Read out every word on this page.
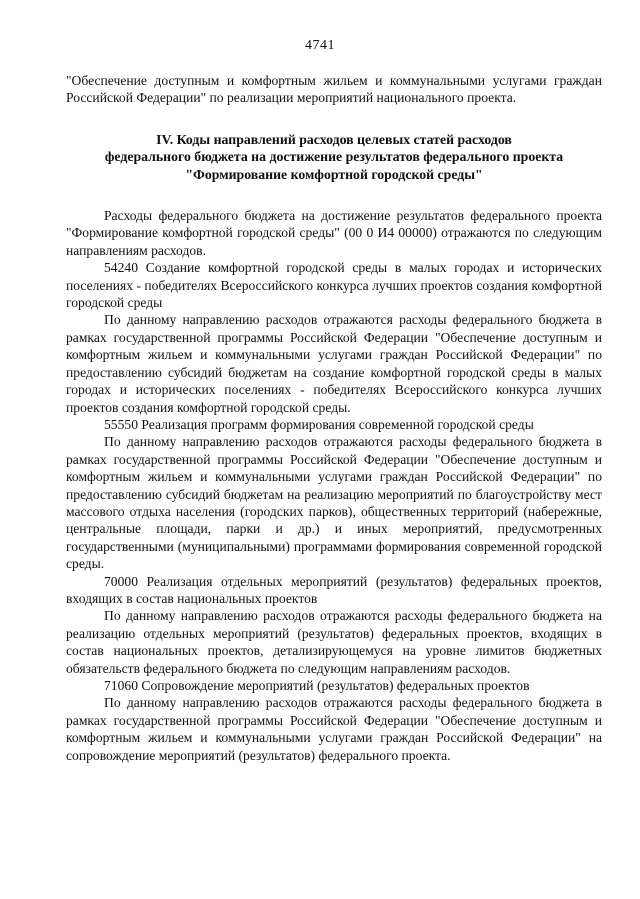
4741

"Обеспечение доступным и комфортным жильем и коммунальными услугами граждан Российской Федерации" по реализации мероприятий национального проекта.

IV. Коды направлений расходов целевых статей расходов
федерального бюджета на достижение результатов федерального проекта
"Формирование комфортной городской среды"

Расходы федерального бюджета на достижение результатов федерального проекта "Формирование комфортной городской среды" (00 0 И4 00000) отражаются по следующим направлениям расходов.

54240 Создание комфортной городской среды в малых городах и исторических поселениях - победителях Всероссийского конкурса лучших проектов создания комфортной городской среды

По данному направлению расходов отражаются расходы федерального бюджета в рамках государственной программы Российской Федерации "Обеспечение доступным и комфортным жильем и коммунальными услугами граждан Российской Федерации" по предоставлению субсидий бюджетам на создание комфортной городской среды в малых городах и исторических поселениях - победителях Всероссийского конкурса лучших проектов создания комфортной городской среды.

55550 Реализация программ формирования современной городской среды

По данному направлению расходов отражаются расходы федерального бюджета в рамках государственной программы Российской Федерации "Обеспечение доступным и комфортным жильем и коммунальными услугами граждан Российской Федерации" по предоставлению субсидий бюджетам на реализацию мероприятий по благоустройству мест массового отдыха населения (городских парков), общественных территорий (набережные, центральные площади, парки и др.) и иных мероприятий, предусмотренных государственными (муниципальными) программами формирования современной городской среды.

70000 Реализация отдельных мероприятий (результатов) федеральных проектов, входящих в состав национальных проектов

По данному направлению расходов отражаются расходы федерального бюджета на реализацию отдельных мероприятий (результатов) федеральных проектов, входящих в состав национальных проектов, детализирующемуся на уровне лимитов бюджетных обязательств федерального бюджета по следующим направлениям расходов.

71060 Сопровождение мероприятий (результатов) федеральных проектов

По данному направлению расходов отражаются расходы федерального бюджета в рамках государственной программы Российской Федерации "Обеспечение доступным и комфортным жильем и коммунальными услугами граждан Российской Федерации" на сопровождение мероприятий (результатов) федерального проекта.
